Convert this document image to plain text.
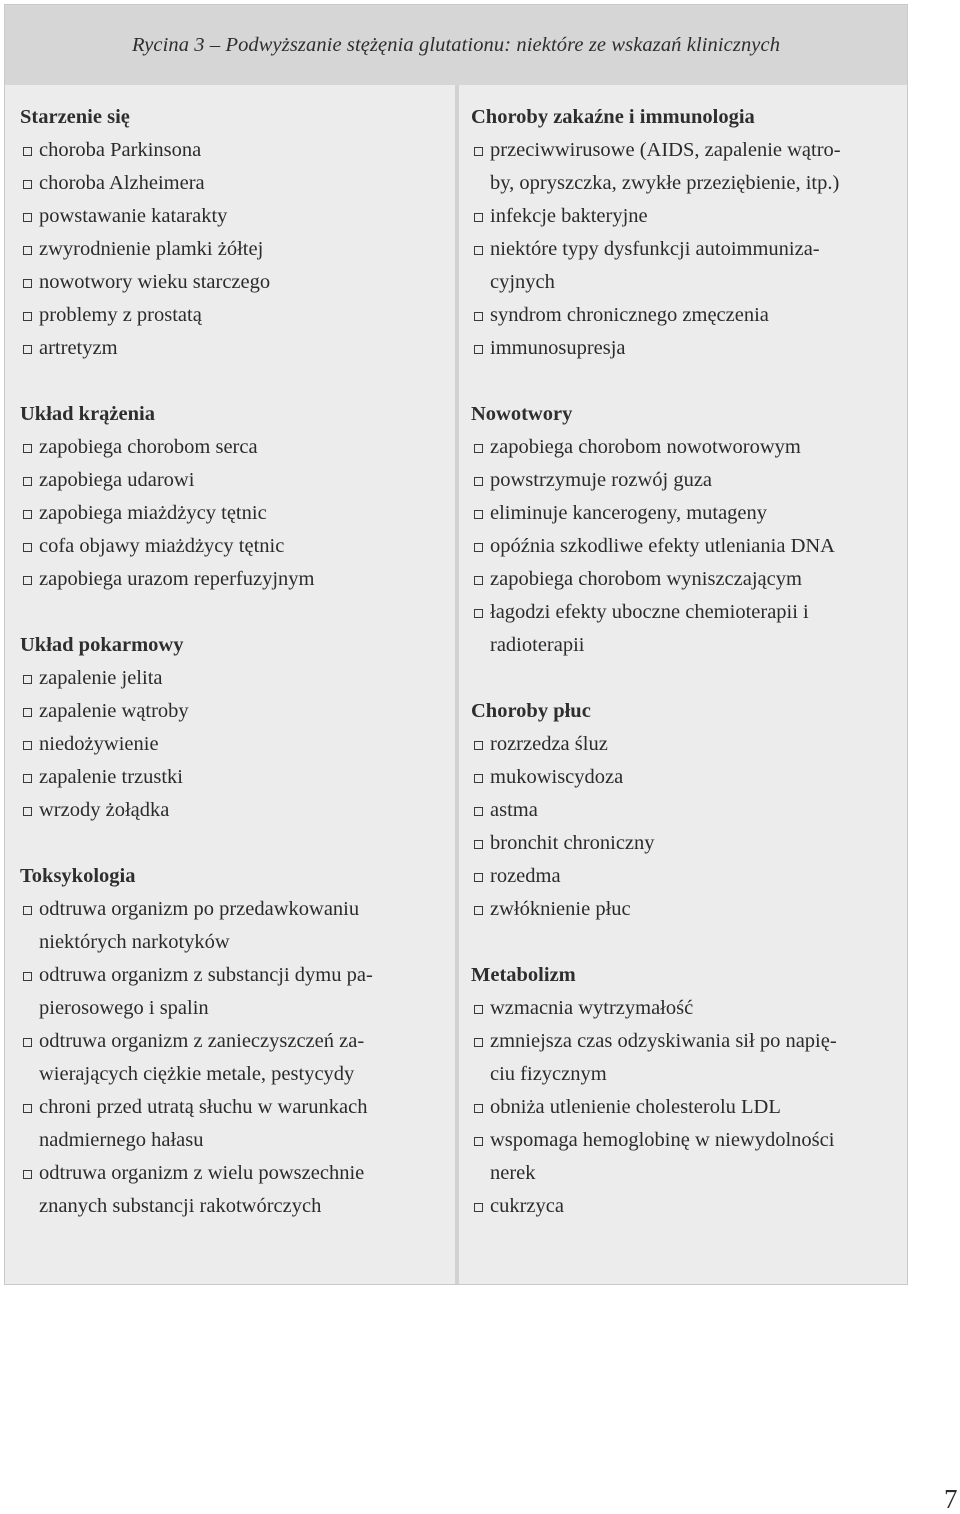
Rycina 3 – Podwyższanie stężęnia glutationu: niektóre ze wskazań klinicznych
Starzenie się
choroba Parkinsona
choroba Alzheimera
powstawanie katarakty
zwyrodnienie plamki żółtej
nowotwory wieku starczego
problemy z prostatą
artretyzm
Układ krążenia
zapobiega chorobom serca
zapobiega udarowi
zapobiega miażdżycy tętnic
cofa objawy miażdżycy tętnic
zapobiega urazom reperfuzyjnym
Układ pokarmowy
zapalenie jelita
zapalenie wątroby
niedożywienie
zapalenie trzustki
wrzody żołądka
Toksykologia
odtruwa organizm po przedawkowaniu
niektórych narkotyków
odtruwa organizm z substancji dymu pa-
pierosowego i spalin
odtruwa organizm z zanieczyszczeń za-
wierających ciężkie metale, pestycydy
chroni przed utratą słuchu w warunkach
nadmiernego hałasu
odtruwa organizm z wielu powszechnie
znanych substancji rakotwórczych
Choroby zakaźne i immunologia
przeciwwirusowe (AIDS, zapalenie wątro-
by, opryszczka, zwykłe przeziębienie, itp.)
infekcje bakteryjne
niektóre typy dysfunkcji autoimmuniza-
cyjnych
syndrom chronicznego zmęczenia
immunosupresja
Nowotwory
zapobiega chorobom nowotworowym
powstrzymuje rozwój guza
eliminuje kancerogeny, mutageny
opóźnia szkodliwe efekty utleniania DNA
zapobiega chorobom wyniszczającym
łagodzi efekty uboczne chemioterapii i
radioterapii
Choroby płuc
rozrzedza śluz
mukowiscydoza
astma
bronchit chroniczny
rozedma
zwłóknienie płuc
Metabolizm
wzmacnia wytrzymałość
zmniejsza czas odzyskiwania sił po napię-
ciu fizycznym
obniża utlenienie cholesterolu LDL
wspomaga hemoglobinę w niewydolności
nerek
cukrzyca
7
